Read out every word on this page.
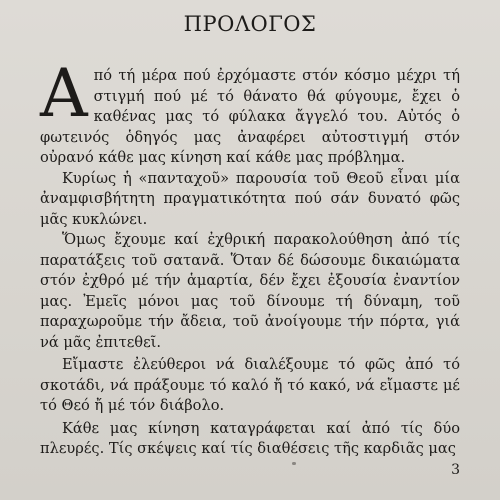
ΠΡΟΛΟΓΟΣ

Από τή μέρα πού ἐρχόμαστε στόν κόσμο μέχρι τή στιγμή πού μέ τό θάνατο θά φύγουμε, ἔχει ὁ καθένας μας τό φύλακα ἄγγελό του. Αὐτός ὁ φωτεινός ὁδηγός μας ἀναφέρει αὐτοστιγμή στόν οὐρανό κάθε μας κίνηση καί κάθε μας πρόβλημα.

Κυρίως ἡ «πανταχοῦ» παρουσία τοῦ Θεοῦ εἶναι μία ἀναμφισβήτητη πραγματικότητα πού σάν δυνατό φῶς μᾶς κυκλώνει.

Ὅμως ἔχουμε καί ἐχθρική παρακολούθηση ἀπό τίς παρατάξεις τοῦ σατανᾶ. Ὅταν δέ δώσουμε δικαιώματα στόν ἐχθρό μέ τήν ἁμαρτία, δέν ἔχει ἐξουσία ἐναντίον μας. Ἐμεῖς μόνοι μας τοῦ δίνουμε τή δύναμη, τοῦ παραχωροῦμε τήν ἄδεια, τοῦ ἀνοίγουμε τήν πόρτα, γιά νά μᾶς ἐπιτεθεῖ.

Εἴμαστε ἐλεύθεροι νά διαλέξουμε τό φῶς ἀπό τό σκοτάδι, νά πράξουμε τό καλό ἤ τό κακό, νά εἴμαστε μέ τό Θεό ἤ μέ τόν διάβολο.

Κάθε μας κίνηση καταγράφεται καί ἀπό τίς δύο πλευρές. Τίς σκέψεις καί τίς διαθέσεις τῆς καρδιᾶς μας

3
